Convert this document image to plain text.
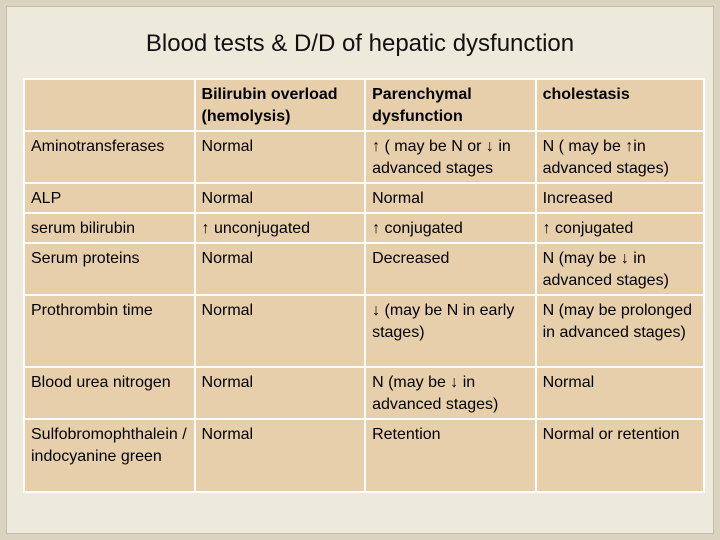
Blood tests & D/D of hepatic dysfunction
	Bilirubin overload (hemolysis)	Parenchymal dysfunction	cholestasis
Aminotransferases	Normal	↑ ( may be N or ↓ in advanced stages	N ( may be ↑in advanced stages)
ALP	Normal	Normal	Increased
serum bilirubin	↑ unconjugated	↑ conjugated	↑ conjugated
Serum proteins	Normal	Decreased	N (may be ↓ in advanced stages)
Prothrombin time	Normal	↓ (may be N in early stages)	N (may be prolonged in advanced stages)
Blood urea nitrogen	Normal	N (may be ↓ in advanced stages)	Normal
Sulfobromophthalein / indocyanine green	Normal	Retention	Normal or retention
